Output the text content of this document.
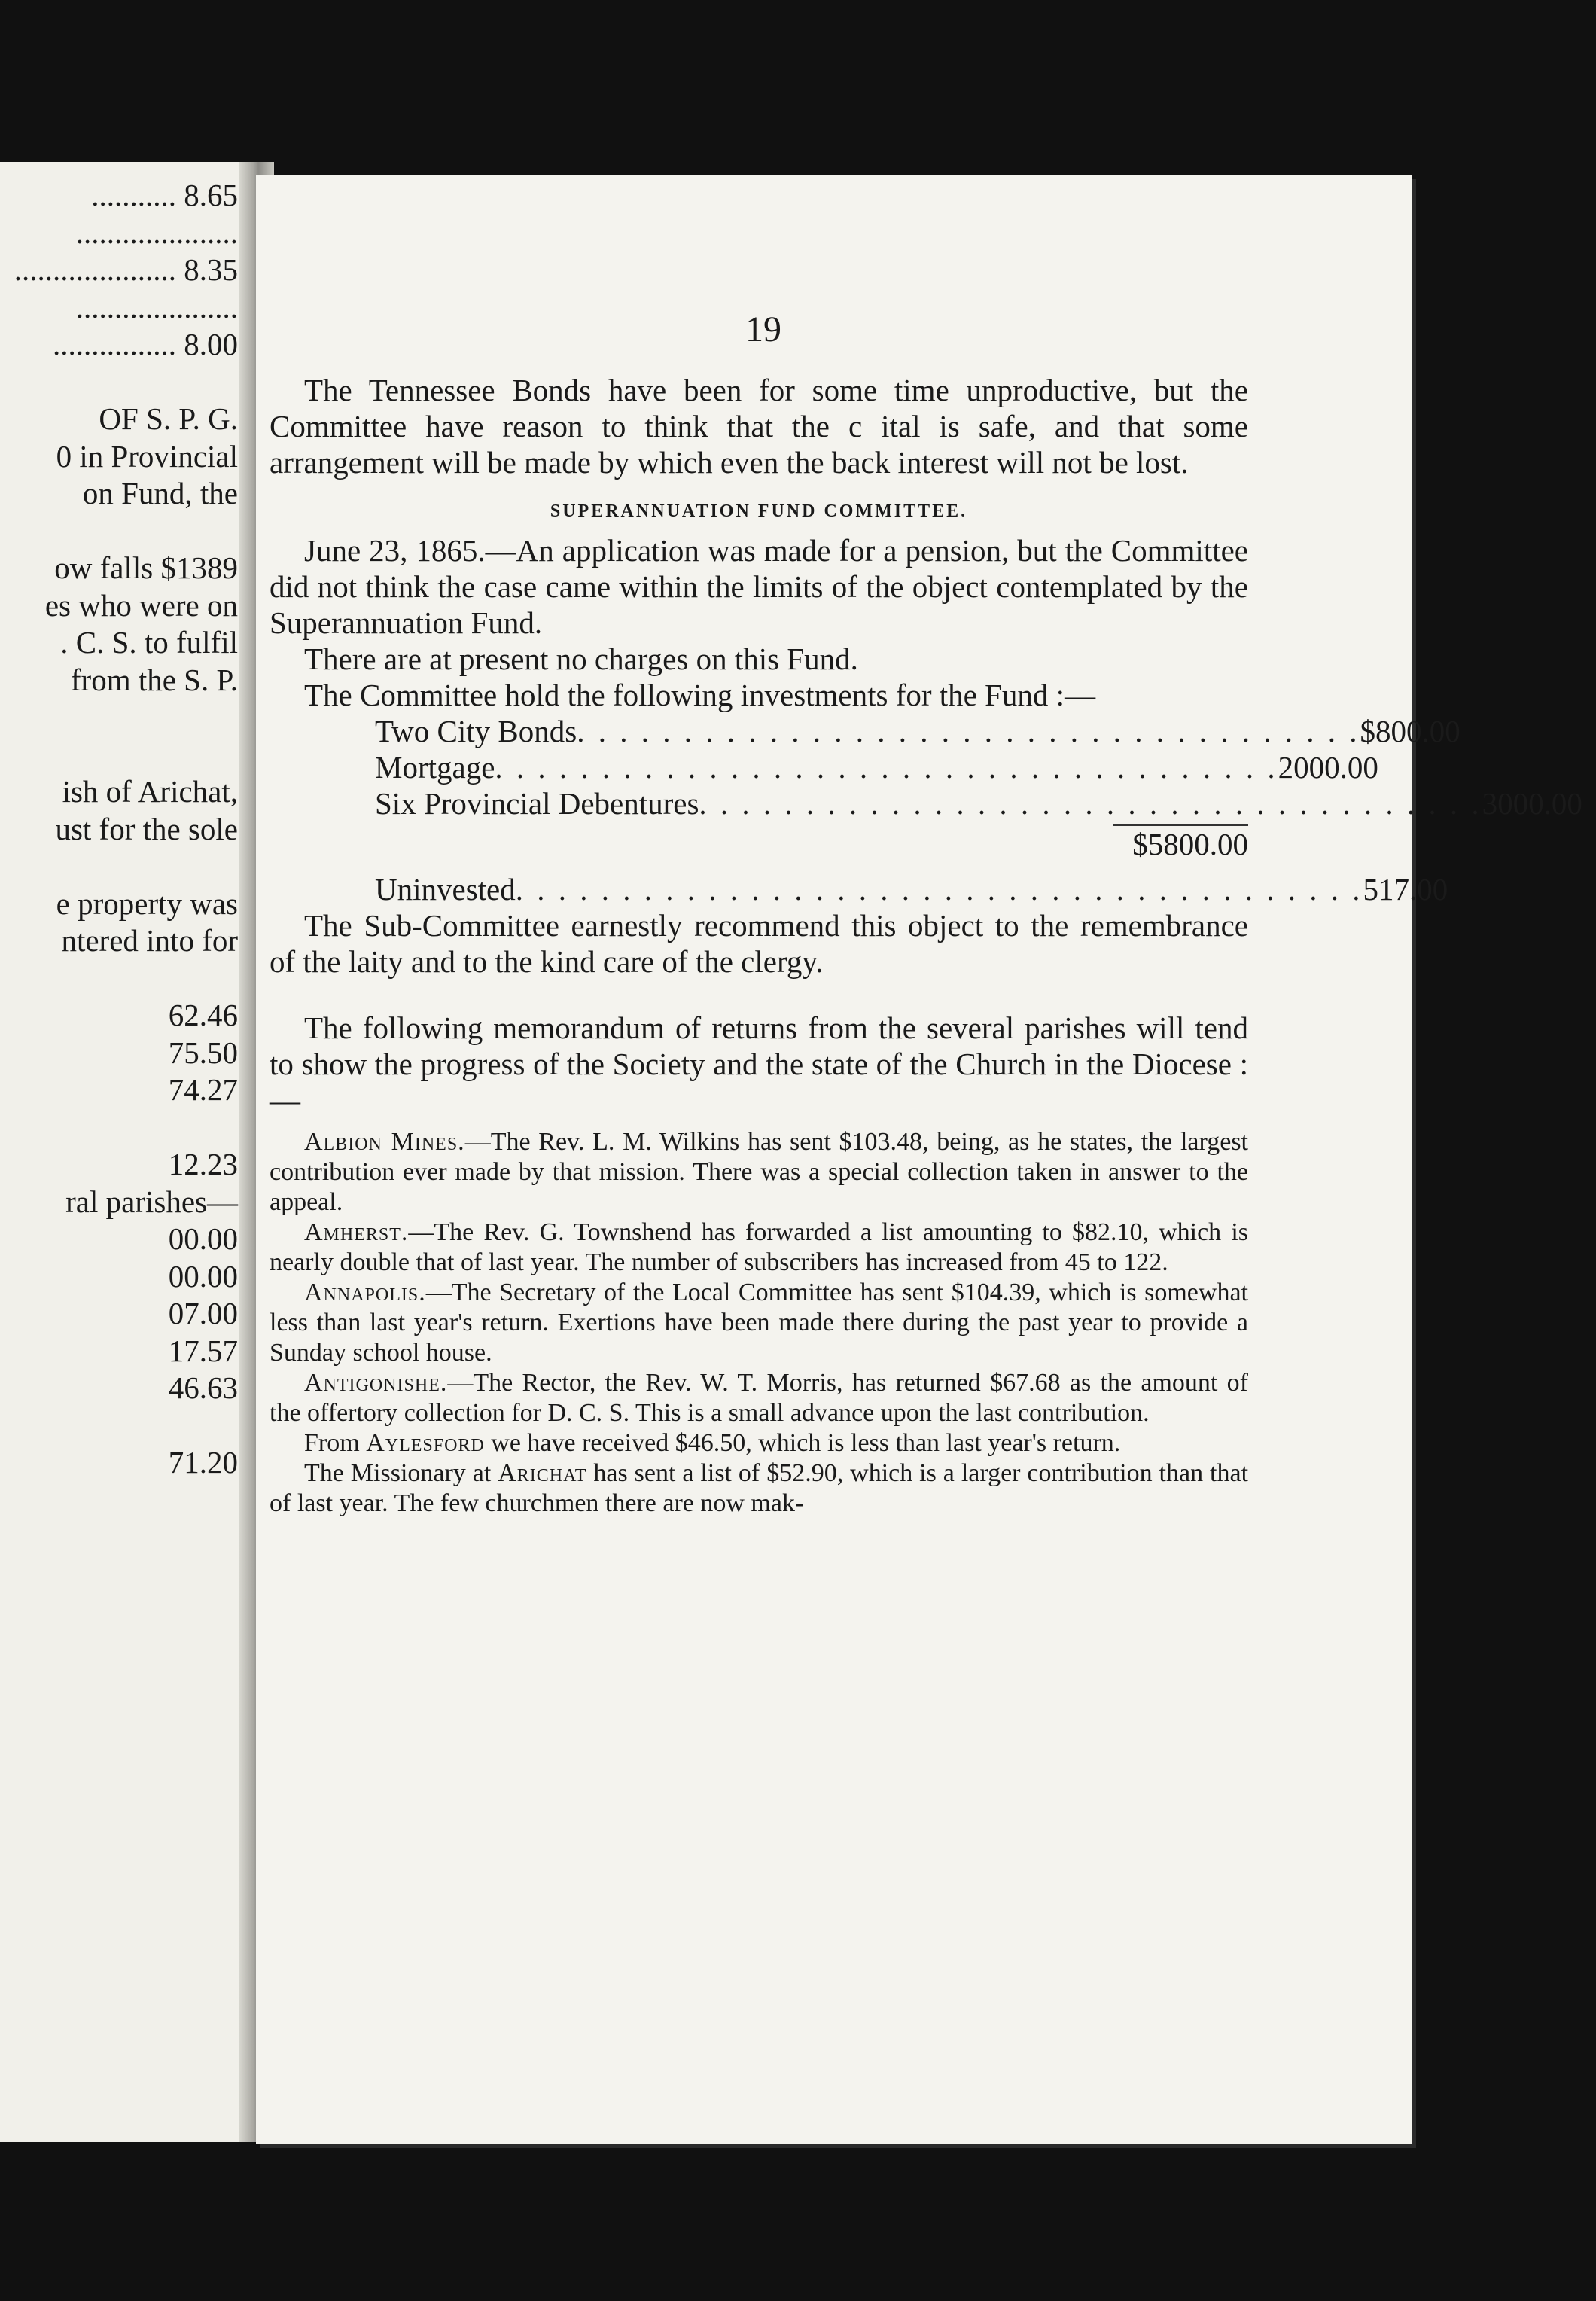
........... 8.65
.....................
..................... 8.35
.....................
................ 8.00
OF S. P. G.
0 in Provincial
on Fund, the
ow falls $1389
es who were on
. C. S. to fulfil
from the S. P.
ish of Arichat,
ust for the sole
e property was
ntered into for
62.46
75.50
74.27
12.23
ral parishes—
00.00
00.00
07.00
17.57
46.63
71.20
19

The Tennessee Bonds have been for some time unproductive, but the Committee have reason to think that the c ital is safe, and that some arrangement will be made by which even the back interest will not be lost.

SUPERANNUATION FUND COMMITTEE.

June 23, 1865.—An application was made for a pension, but the Committee did not think the case came within the limits of the object contemplated by the Superannuation Fund.

There are at present no charges on this Fund.

The Committee hold the following investments for the Fund :—

Two City Bonds . . . . . . . . . . . . . . . . . . . . . . . . . . . . . . . . . . . . . $800.00
Mortgage . . . . . . . . . . . . . . . . . . . . . . . . . . . . . . . . . . . . . 2000.00
Six Provincial Debentures . . . . . . . . . . . . . . . . . . . . . . . . . . . . . . . . . . . . . 3000.00
$5800.00
Uninvested . . . . . . . . . . . . . . . . . . . . . . . . . . . . . . . . . . . . . . . . 517.00

The Sub-Committee earnestly recommend this object to the remembrance of the laity and to the kind care of the clergy.

The following memorandum of returns from the several parishes will tend to show the progress of the Society and the state of the Church in the Diocese :—

Albion Mines.—The Rev. L. M. Wilkins has sent $103.48, being, as he states, the largest contribution ever made by that mission. There was a special collection taken in answer to the appeal.

Amherst.—The Rev. G. Townshend has forwarded a list amounting to $82.10, which is nearly double that of last year. The number of subscribers has increased from 45 to 122.

Annapolis.—The Secretary of the Local Committee has sent $104.39, which is somewhat less than last year's return. Exertions have been made there during the past year to provide a Sunday school house.

Antigonishe.—The Rector, the Rev. W. T. Morris, has returned $67.68 as the amount of the offertory collection for D. C. S. This is a small advance upon the last contribution.

From Aylesford we have received $46.50, which is less than last year's return.

The Missionary at Arichat has sent a list of $52.90, which is a larger contribution than that of last year. The few churchmen there are now mak-
